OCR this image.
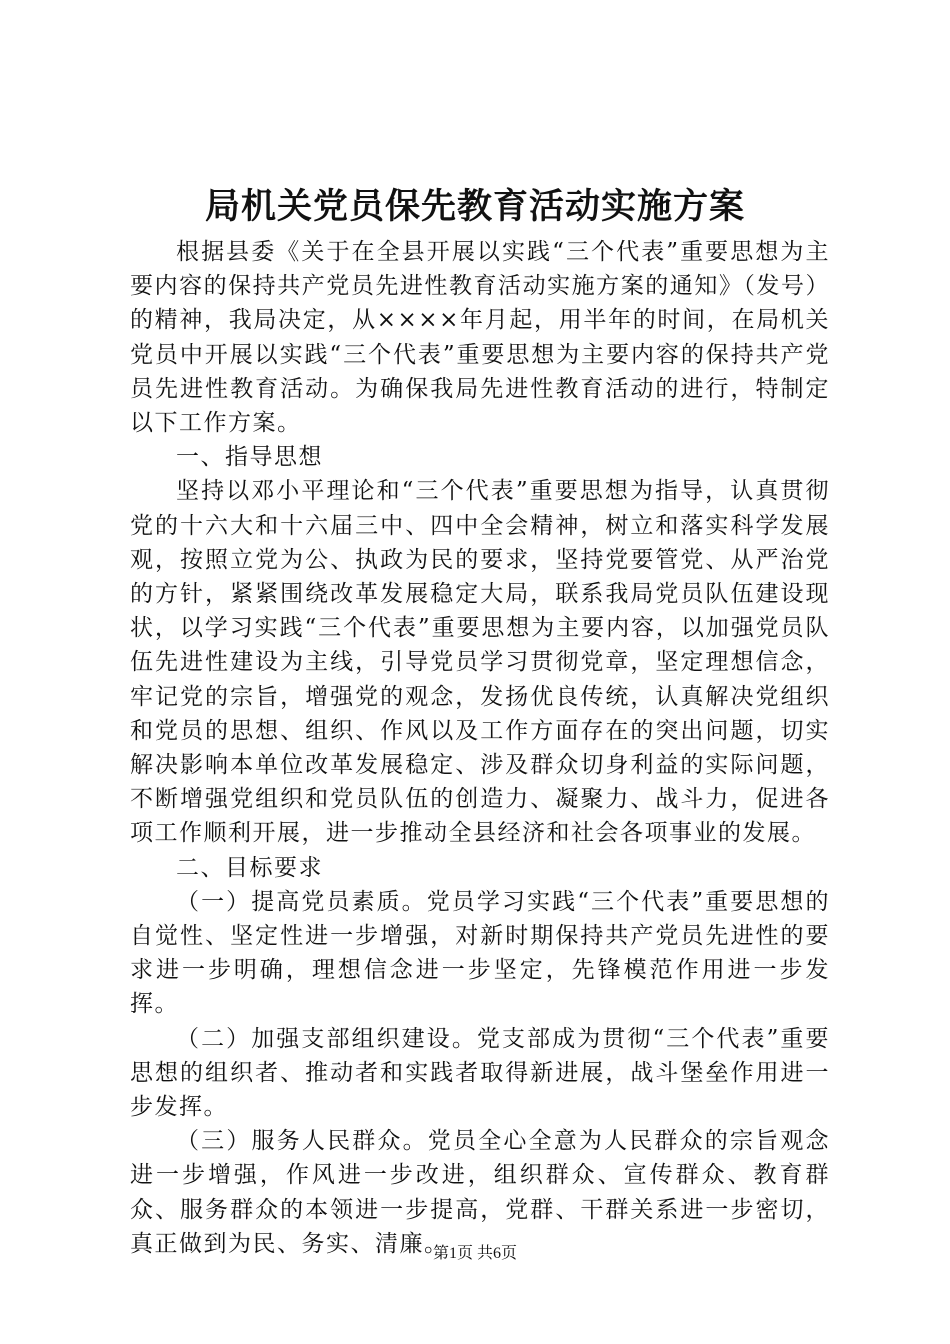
局机关党员保先教育活动实施方案

根据县委《关于在全县开展以实践“三个代表”重要思想为主要内容的保持共产党员先进性教育活动实施方案的通知》（发号）的精神，我局决定，从××××年月起，用半年的时间，在局机关党员中开展以实践“三个代表”重要思想为主要内容的保持共产党员先进性教育活动。为确保我局先进性教育活动的进行，特制定以下工作方案。

一、指导思想

坚持以邓小平理论和“三个代表”重要思想为指导，认真贯彻党的十六大和十六届三中、四中全会精神，树立和落实科学发展观，按照立党为公、执政为民的要求，坚持党要管党、从严治党的方针，紧紧围绕改革发展稳定大局，联系我局党员队伍建设现状，以学习实践“三个代表”重要思想为主要内容，以加强党员队伍先进性建设为主线，引导党员学习贯彻党章，坚定理想信念，牢记党的宗旨，增强党的观念，发扬优良传统，认真解决党组织和党员的思想、组织、作风以及工作方面存在的突出问题，切实解决影响本单位改革发展稳定、涉及群众切身利益的实际问题，不断增强党组织和党员队伍的创造力、凝聚力、战斗力，促进各项工作顺利开展，进一步推动全县经济和社会各项事业的发展。

二、目标要求

（一）提高党员素质。党员学习实践“三个代表”重要思想的自觉性、坚定性进一步增强，对新时期保持共产党员先进性的要求进一步明确，理想信念进一步坚定，先锋模范作用进一步发挥。

（二）加强支部组织建设。党支部成为贯彻“三个代表”重要思想的组织者、推动者和实践者取得新进展，战斗堡垒作用进一步发挥。

（三）服务人民群众。党员全心全意为人民群众的宗旨观念进一步增强，作风进一步改进，组织群众、宣传群众、教育群众、服务群众的本领进一步提高，党群、干群关系进一步密切，真正做到为民、务实、清廉。

第1页 共6页
